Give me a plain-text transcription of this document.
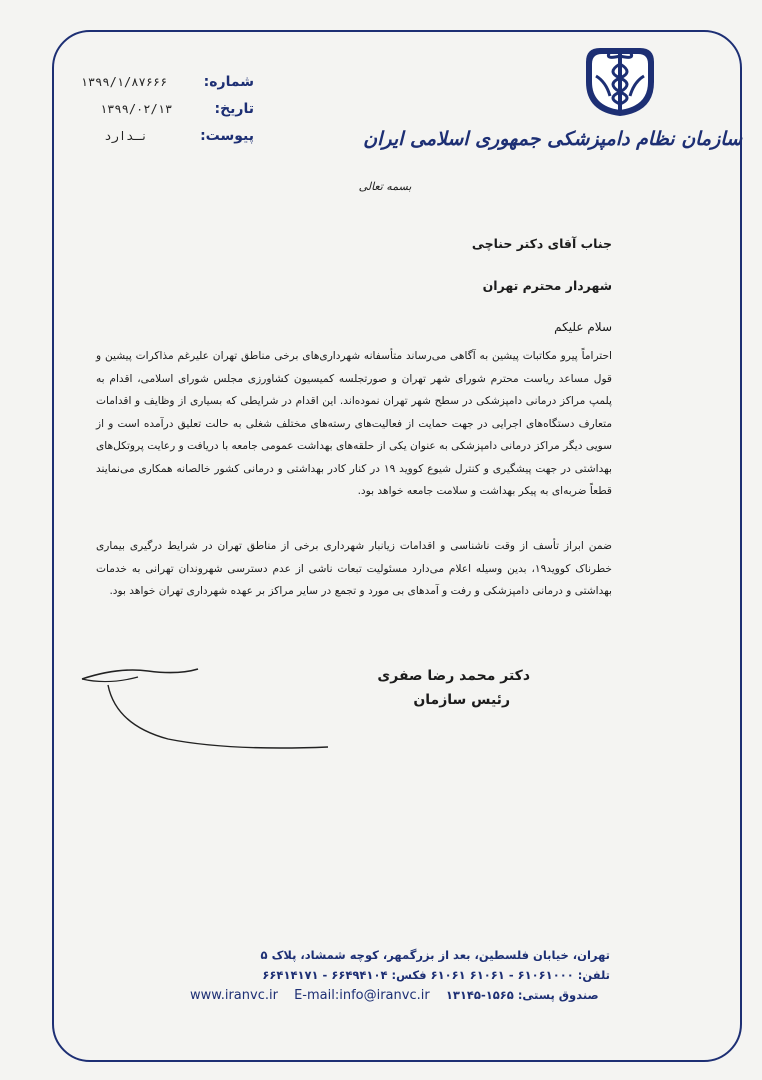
سازمان نظام دامپزشکی جمهوری اسلامی ایران
شماره:  ۱۳۹۹/۱/۸۷۶۶۶
تاریخ:  ۱۳۹۹/۰۲/۱۳
پیوست:  نـدارد
بسمه تعالی
جناب آقای دکتر حناچی
شهردار محترم تهران
سلام علیکم
احتراماً پیرو مکاتبات پیشین به آگاهی می‌رساند متأسفانه شهرداری‌های برخی مناطق تهران علیرغم مذاکرات پیشین و قول مساعد ریاست محترم شورای شهر تهران و صورتجلسه کمیسیون کشاورزی مجلس شورای اسلامی، اقدام به پلمپ مراکز درمانی دامپزشکی در سطح شهر تهران نموده‌اند. این اقدام در شرایطی که بسیاری از وظایف و اقدامات متعارف دستگاه‌های اجرایی در جهت حمایت از فعالیت‌های رسته‌های مختلف شغلی به حالت تعلیق درآمده است و از سویی دیگر مراکز درمانی دامپزشکی به عنوان یکی از حلقه‌های بهداشت عمومی جامعه با دریافت و رعایت پروتکل‌های بهداشتی در جهت پیشگیری و کنترل شیوع کووید ۱۹ در کنار کادر بهداشتی و درمانی کشور خالصانه همکاری می‌نمایند قطعاً ضربه‌ای به پیکر بهداشت و سلامت جامعه خواهد بود.
ضمن ابراز تأسف از وقت ناشناسی و اقدامات زیانبار شهرداری برخی از مناطق تهران در شرایط درگیری بیماری خطرناک کووید۱۹، بدین وسیله اعلام می‌دارد مسئولیت تبعات ناشی از عدم دسترسی شهروندان تهرانی به خدمات بهداشتی و درمانی دامپزشکی و رفت و آمدهای بی مورد و تجمع در سایر مراکز بر عهده شهرداری تهران خواهد بود.
دکتر محمد رضا صفری
رئیس سازمان
تهران، خیابان فلسطین، بعد از بزرگمهر، کوچه شمشاد، پلاک ۵
تلفن: ۶۱۰۶۱۰۰۰ - ۶۱۰۶۱ ۶۱۰۶۱ فکس: ۶۶۴۹۴۱۰۴ - ۶۶۴۱۴۱۷۱
www.iranvc.ir E-mail:info@iranvc.ir صندوق پستی: ۱۵۶۵-۱۳۱۴۵
